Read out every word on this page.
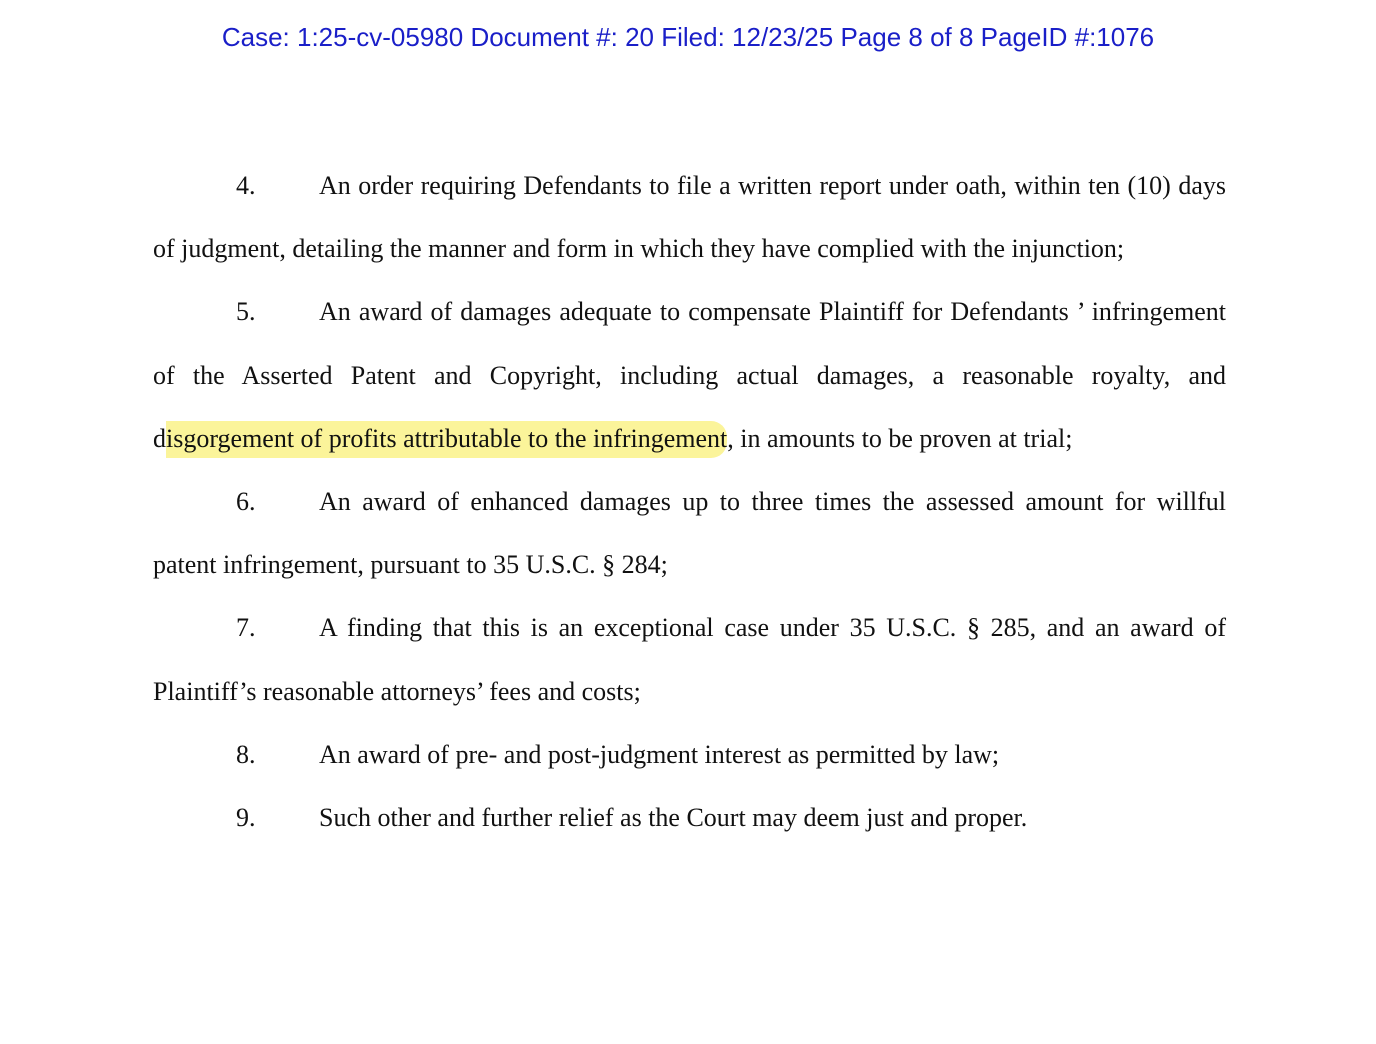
Case: 1:25-cv-05980 Document #: 20 Filed: 12/23/25 Page 8 of 8 PageID #:1076

4. An order requiring Defendants to file a written report under oath, within ten (10) days of judgment, detailing the manner and form in which they have complied with the injunction;

5. An award of damages adequate to compensate Plaintiff for Defendants ’ infringement of the Asserted Patent and Copyright, including actual damages, a reasonable royalty, and disgorgement of profits attributable to the infringement, in amounts to be proven at trial;

6. An award of enhanced damages up to three times the assessed amount for willful patent infringement, pursuant to 35 U.S.C. § 284;

7. A finding that this is an exceptional case under 35 U.S.C. § 285, and an award of Plaintiff’s reasonable attorneys’ fees and costs;

8. An award of pre- and post-judgment interest as permitted by law;

9. Such other and further relief as the Court may deem just and proper.
